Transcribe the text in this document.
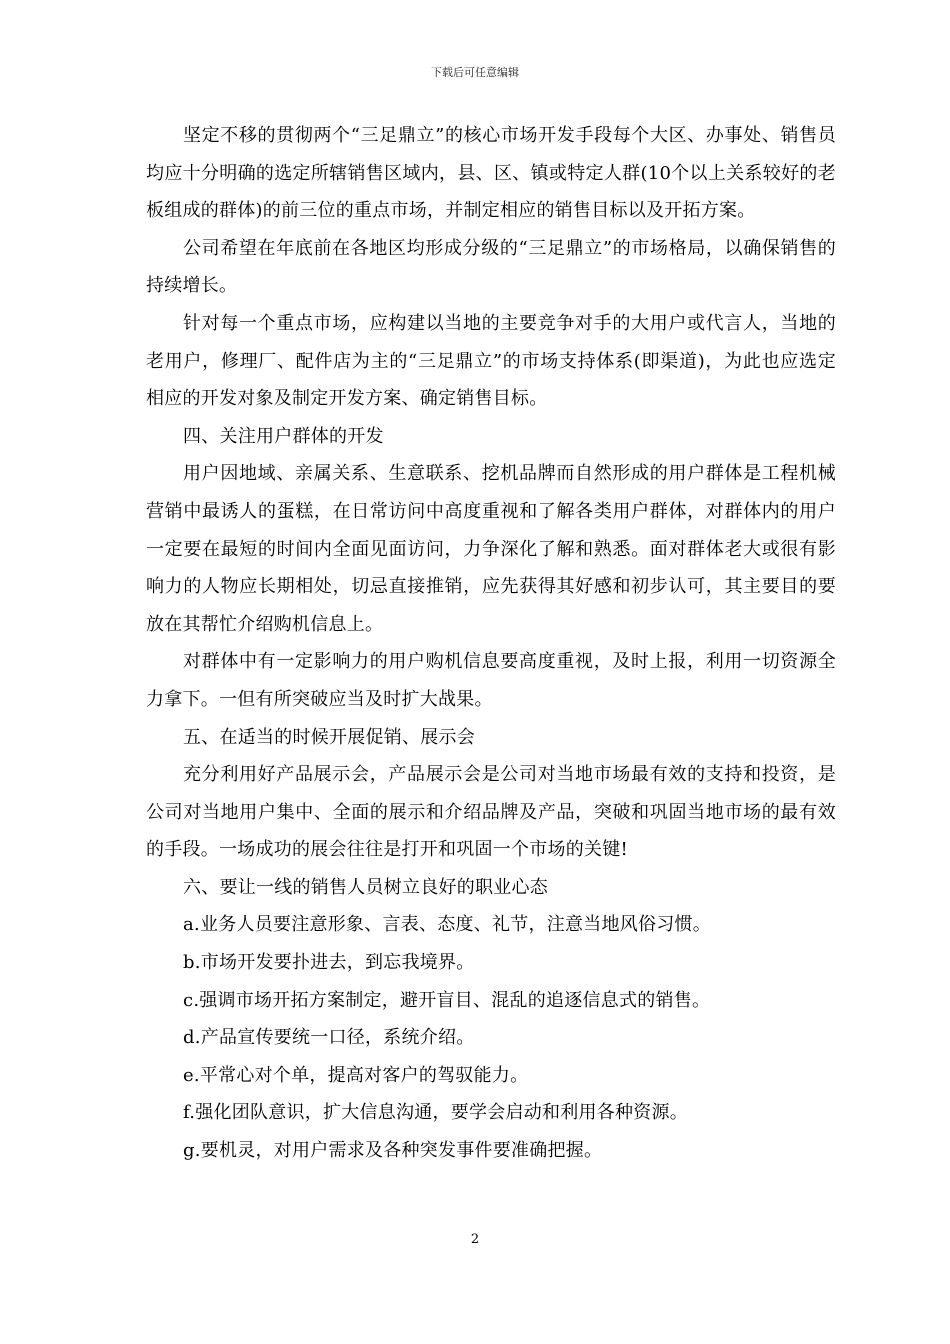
下载后可任意编辑

坚定不移的贯彻两个“三足鼎立”的核心市场开发手段每个大区、办事处、销售员均应十分明确的选定所辖销售区域内，县、区、镇或特定人群(10个以上关系较好的老板组成的群体)的前三位的重点市场，并制定相应的销售目标以及开拓方案。

公司希望在年底前在各地区均形成分级的“三足鼎立”的市场格局，以确保销售的持续增长。

针对每一个重点市场，应构建以当地的主要竞争对手的大用户或代言人，当地的老用户，修理厂、配件店为主的“三足鼎立”的市场支持体系(即渠道)，为此也应选定相应的开发对象及制定开发方案、确定销售目标。

四、关注用户群体的开发

用户因地域、亲属关系、生意联系、挖机品牌而自然形成的用户群体是工程机械营销中最诱人的蛋糕，在日常访问中高度重视和了解各类用户群体，对群体内的用户一定要在最短的时间内全面见面访问，力争深化了解和熟悉。面对群体老大或很有影响力的人物应长期相处，切忌直接推销，应先获得其好感和初步认可，其主要目的要放在其帮忙介绍购机信息上。

对群体中有一定影响力的用户购机信息要高度重视，及时上报，利用一切资源全力拿下。一但有所突破应当及时扩大战果。

五、在适当的时候开展促销、展示会

充分利用好产品展示会，产品展示会是公司对当地市场最有效的支持和投资，是公司对当地用户集中、全面的展示和介绍品牌及产品，突破和巩固当地市场的最有效的手段。一场成功的展会往往是打开和巩固一个市场的关键!

六、要让一线的销售人员树立良好的职业心态

a.业务人员要注意形象、言表、态度、礼节，注意当地风俗习惯。

b.市场开发要扑进去，到忘我境界。

c.强调市场开拓方案制定，避开盲目、混乱的追逐信息式的销售。

d.产品宣传要统一口径，系统介绍。

e.平常心对个单，提高对客户的驾驭能力。

f.强化团队意识，扩大信息沟通，要学会启动和利用各种资源。

g.要机灵，对用户需求及各种突发事件要准确把握。

2
